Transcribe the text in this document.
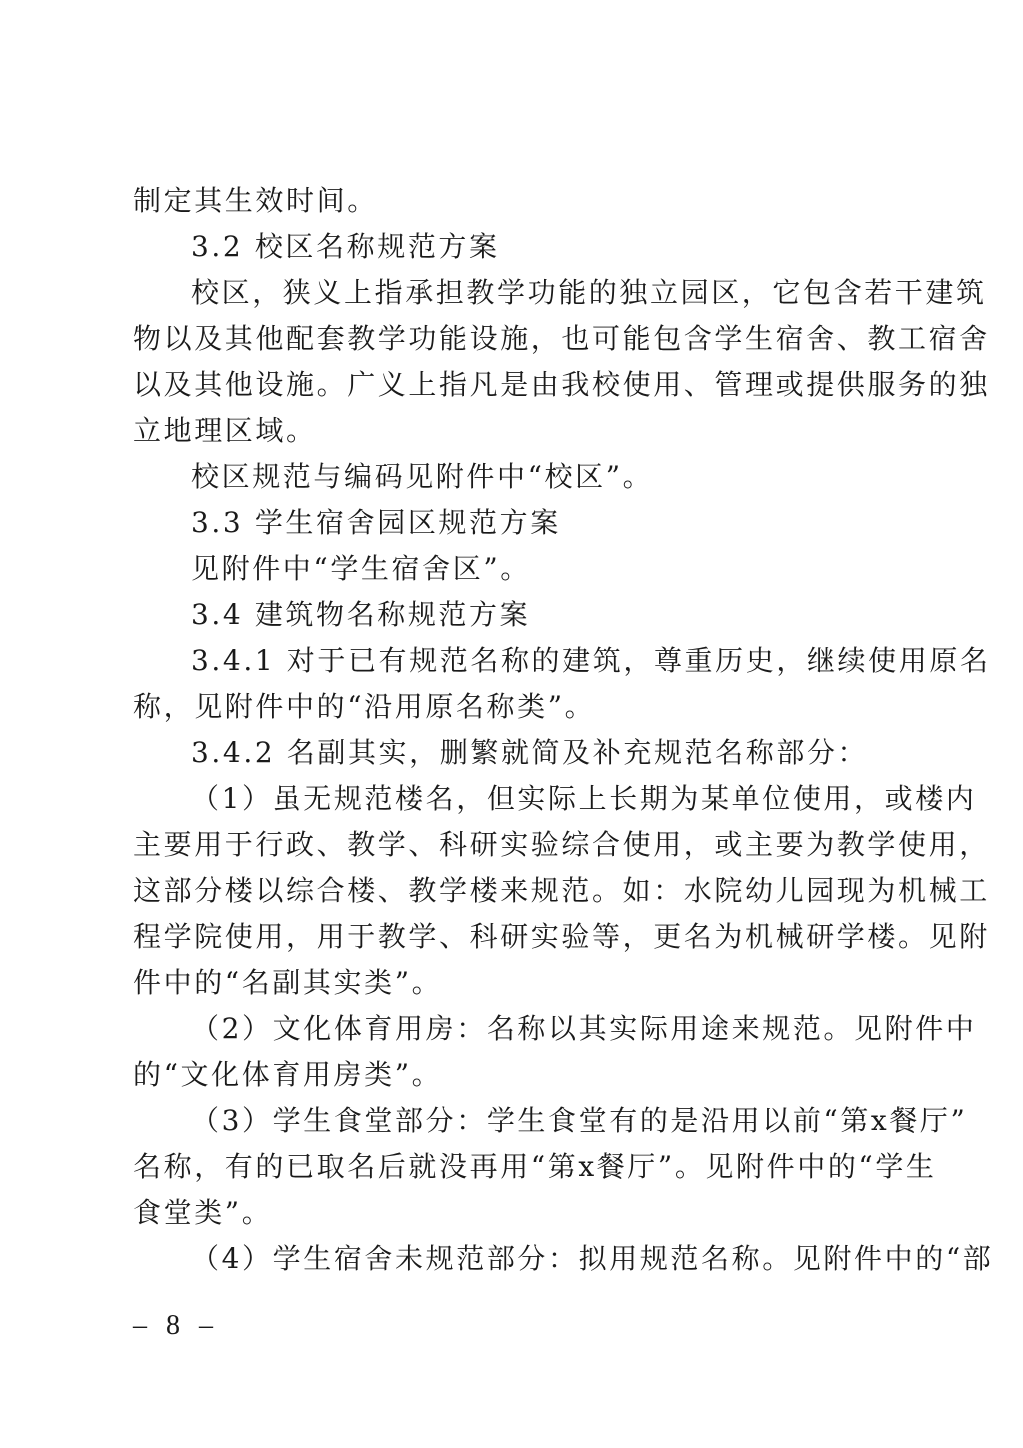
制定其生效时间。
3.2 校区名称规范方案
校区，狭义上指承担教学功能的独立园区，它包含若干建筑
物以及其他配套教学功能设施，也可能包含学生宿舍、教工宿舍
以及其他设施。广义上指凡是由我校使用、管理或提供服务的独
立地理区域。
校区规范与编码见附件中“校区”。
3.3 学生宿舍园区规范方案
见附件中“学生宿舍区”。
3.4 建筑物名称规范方案
3.4.1 对于已有规范名称的建筑，尊重历史，继续使用原名
称，见附件中的“沿用原名称类”。
3.4.2 名副其实，删繁就简及补充规范名称部分：
（1）虽无规范楼名，但实际上长期为某单位使用，或楼内
主要用于行政、教学、科研实验综合使用，或主要为教学使用，
这部分楼以综合楼、教学楼来规范。如：水院幼儿园现为机械工
程学院使用，用于教学、科研实验等，更名为机械研学楼。见附
件中的“名副其实类”。
（2）文化体育用房：名称以其实际用途来规范。见附件中
的“文化体育用房类”。
（3）学生食堂部分：学生食堂有的是沿用以前“第x餐厅”
名称，有的已取名后就没再用“第x餐厅”。见附件中的“学生
食堂类”。
（4）学生宿舍未规范部分：拟用规范名称。见附件中的“部
– 8 –
